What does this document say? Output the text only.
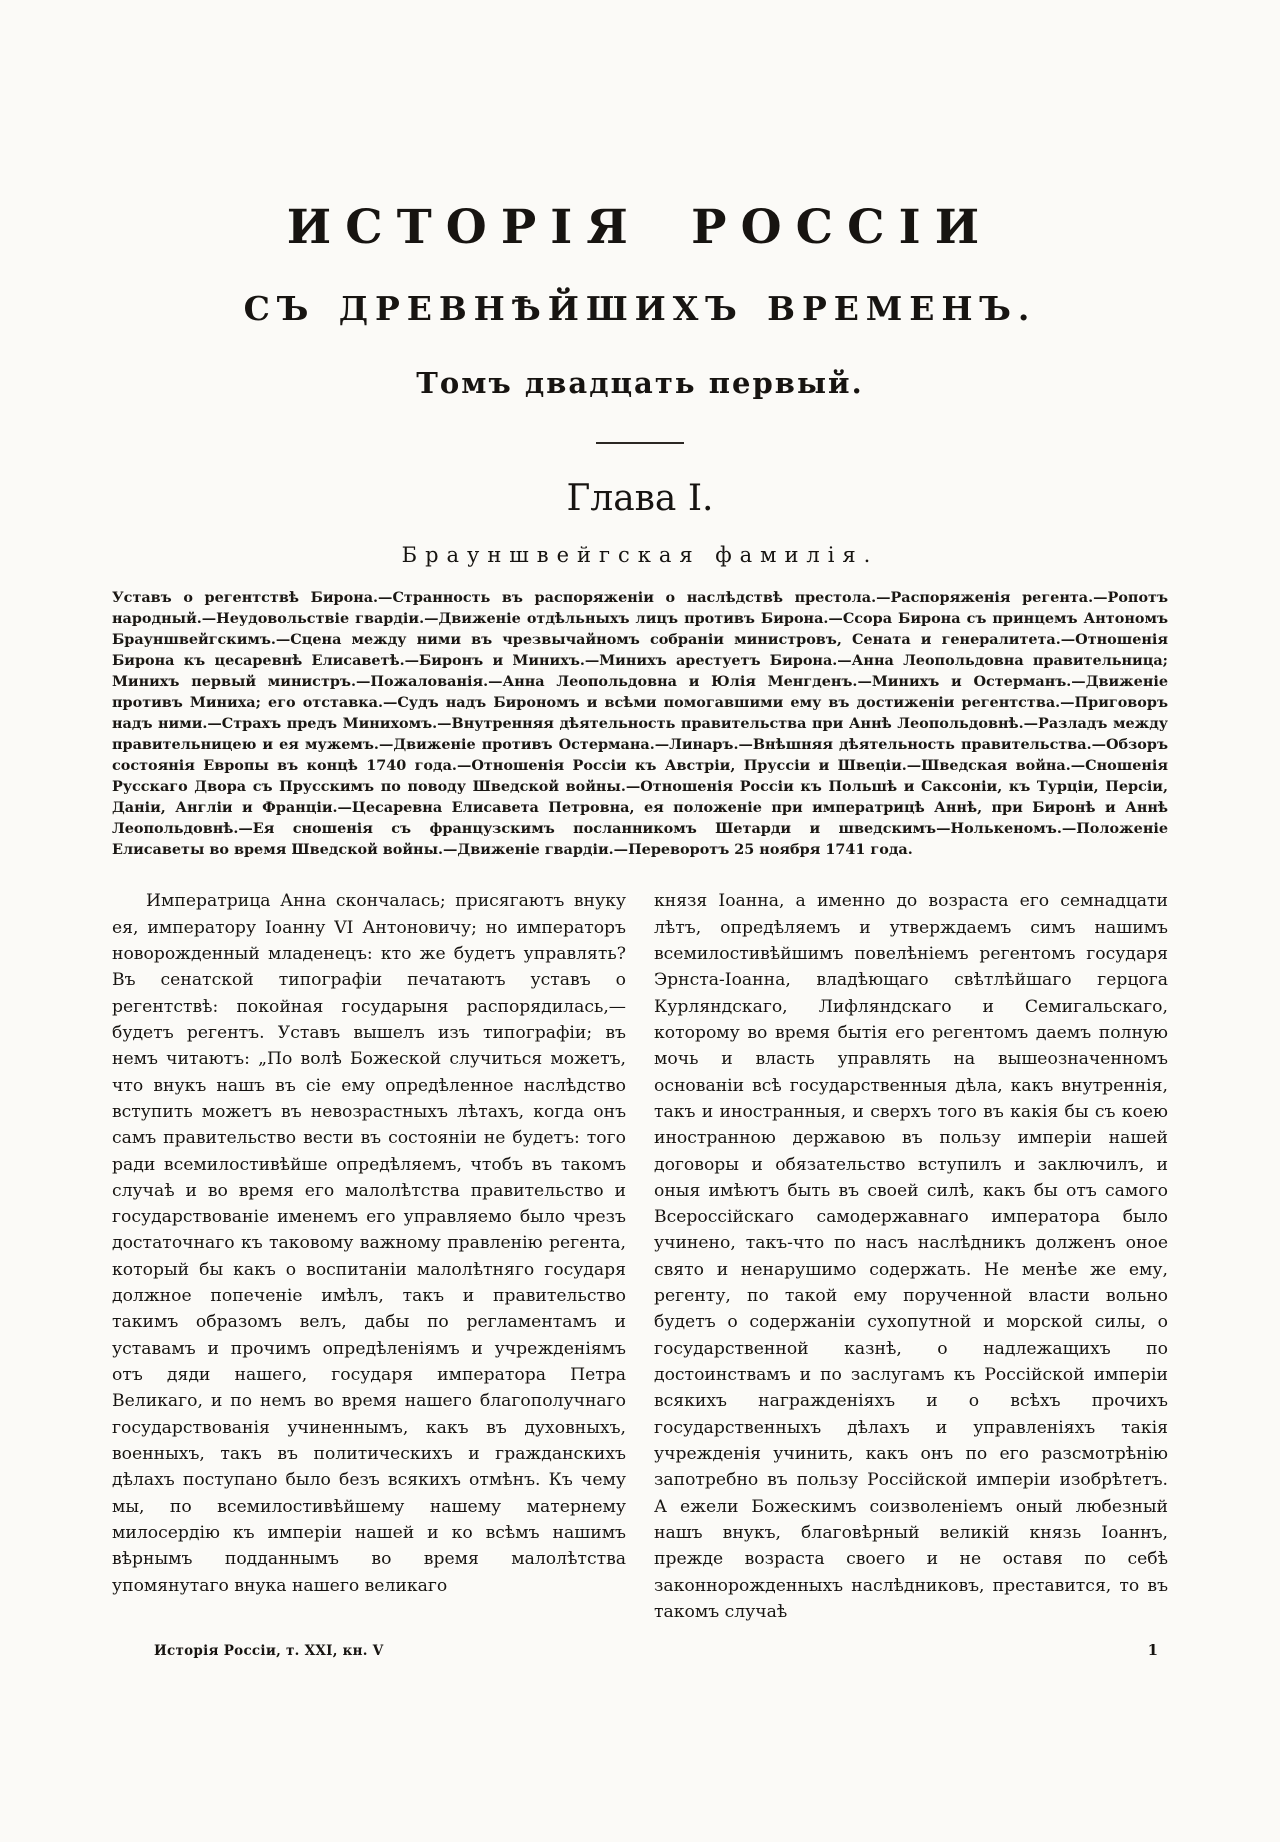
ИСТОРІЯ РОССІИ
СЪ ДРЕВНѢЙШИХЪ ВРЕМЕНЪ.
Томъ двадцать первый.
Глава I.
Брауншвейгская фамилія.
Уставъ о регентствѣ Бирона.—Странность въ распоряженіи о наслѣдствѣ престола.—Распоряженія регента.—Ропотъ народный.—Неудовольствіе гвардіи.—Движеніе отдѣльныхъ лицъ противъ Бирона.—Ссора Бирона съ принцемъ Антономъ Брауншвейгскимъ.—Сцена между ними въ чрезвычайномъ собраніи министровъ, Сената и генералитета.—Отношенія Бирона къ цесаревнѣ Елисаветѣ.—Биронъ и Минихъ.—Минихъ арестуетъ Бирона.—Анна Леопольдовна правительница; Минихъ первый министръ.—Пожалованія.—Анна Леопольдовна и Юлія Менгденъ.—Минихъ и Остерманъ.—Движеніе противъ Миниха; его отставка.—Судъ надъ Бирономъ и всѣми помогавшими ему въ достиженіи регентства.—Приговоръ надъ ними.—Страхъ предъ Минихомъ.—Внутренняя дѣятельность правительства при Аннѣ Леопольдовнѣ.—Разладъ между правительницею и ея мужемъ.—Движеніе противъ Остермана.—Линаръ.—Внѣшняя дѣятельность правительства.—Обзоръ состоянія Европы въ концѣ 1740 года.—Отношенія Россіи къ Австріи, Пруссіи и Швеціи.—Шведская война.—Сношенія Русскаго Двора съ Прусскимъ по поводу Шведской войны.—Отношенія Россіи къ Польшѣ и Саксоніи, къ Турціи, Персіи, Даніи, Англіи и Франціи.—Цесаревна Елисавета Петровна, ея положеніе при императрицѣ Аннѣ, при Биронѣ и Аннѣ Леопольдовнѣ.—Ея сношенія съ французскимъ посланникомъ Шетарди и шведскимъ—Нолькеномъ.—Положеніе Елисаветы во время Шведской войны.—Движеніе гвардіи.—Переворотъ 25 ноября 1741 года.

Императрица Анна скончалась; присягаютъ внуку ея, императору Іоанну VI Антоновичу; но императоръ новорожденный младенецъ: кто же будетъ управлять? Въ сенатской типографіи печатаютъ уставъ о регентствѣ: покойная государыня распорядилась,—будетъ регентъ. Уставъ вышелъ изъ типографіи; въ немъ читаютъ: „По волѣ Божеской случиться можетъ, что внукъ нашъ въ сіе ему опредѣленное наслѣдство вступить можетъ въ невозрастныхъ лѣтахъ, когда онъ самъ правительство вести въ состояніи не будетъ: того ради всемилостивѣйше опредѣляемъ, чтобъ въ такомъ случаѣ и во время его малолѣтства правительство и государствованіе именемъ его управляемо было чрезъ достаточнаго къ таковому важному правленію регента, который бы какъ о воспитаніи малолѣтняго государя должное попеченіе имѣлъ, такъ и правительство такимъ образомъ велъ, дабы по регламентамъ и уставамъ и прочимъ опредѣленіямъ и учрежденіямъ отъ дяди нашего, государя императора Петра Великаго, и по немъ во время нашего благополучнаго государствованія учиненнымъ, какъ въ духовныхъ, военныхъ, такъ въ политическихъ и гражданскихъ дѣлахъ поступано было безъ всякихъ отмѣнъ. Къ чему мы, по всемилостивѣйшему нашему матернему милосердію къ имперіи нашей и ко всѣмъ нашимъ вѣрнымъ подданнымъ во время малолѣтства упомянутаго внука нашего великаго

князя Іоанна, а именно до возраста его семнадцати лѣтъ, опредѣляемъ и утверждаемъ симъ нашимъ всемилостивѣйшимъ повелѣніемъ регентомъ государя Эрнста-Іоанна, владѣющаго свѣтлѣйшаго герцога Курляндскаго, Лифляндскаго и Семигальскаго, которому во время бытія его регентомъ даемъ полную мочь и власть управлять на вышеозначенномъ основаніи всѣ государственныя дѣла, какъ внутреннія, такъ и иностранныя, и сверхъ того въ какія бы съ коею иностранною державою въ пользу имперіи нашей договоры и обязательство вступилъ и заключилъ, и оныя имѣютъ быть въ своей силѣ, какъ бы отъ самого Всероссійскаго самодержавнаго императора было учинено, такъ-что по насъ наслѣдникъ долженъ оное свято и ненарушимо содержать. Не менѣе же ему, регенту, по такой ему порученной власти вольно будетъ о содержаніи сухопутной и морской силы, о государственной казнѣ, о надлежащихъ по достоинствамъ и по заслугамъ къ Россійской имперіи всякихъ награжденіяхъ и о всѣхъ прочихъ государственныхъ дѣлахъ и управленіяхъ такія учрежденія учинить, какъ онъ по его разсмотрѣнію запотребно въ пользу Россійской имперіи изобрѣтетъ. А ежели Божескимъ соизволеніемъ оный любезный нашъ внукъ, благовѣрный великій князь Іоаннъ, прежде возраста своего и не оставя по себѣ законнорожденныхъ наслѣдниковъ, преставится, то въ такомъ случаѣ

Исторія Россіи, т. XXI, кн. V	1
